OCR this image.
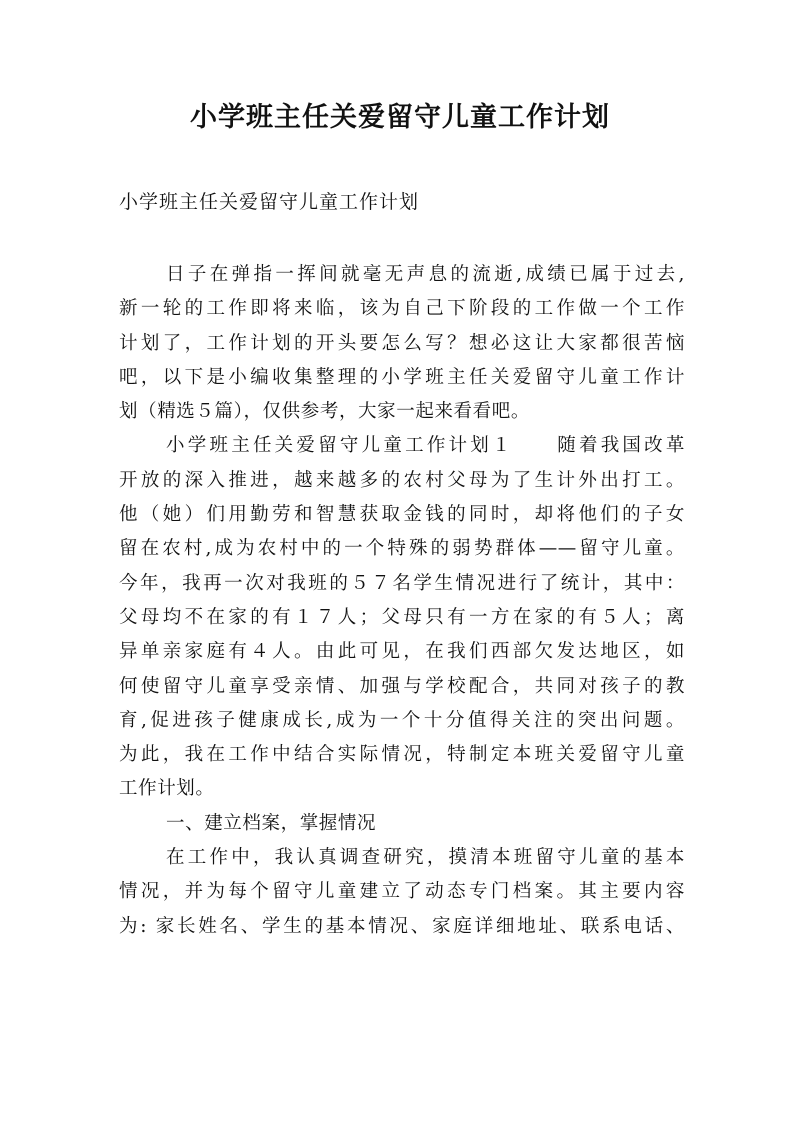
小学班主任关爱留守儿童工作计划

小学班主任关爱留守儿童工作计划

日子在弹指一挥间就毫无声息的流逝,成绩已属于过去,
新一轮的工作即将来临，该为自己下阶段的工作做一个工作
计划了，工作计划的开头要怎么写？想必这让大家都很苦恼
吧，以下是小编收集整理的小学班主任关爱留守儿童工作计
划（精选５篇），仅供参考，大家一起来看看吧。
小学班主任关爱留守儿童工作计划１　　随着我国改革
开放的深入推进，越来越多的农村父母为了生计外出打工。
他（她）们用勤劳和智慧获取金钱的同时，却将他们的子女
留在农村,成为农村中的一个特殊的弱势群体——留守儿童。
今年，我再一次对我班的５７名学生情况进行了统计，其中：
父母均不在家的有１７人；父母只有一方在家的有５人；离
异单亲家庭有４人。由此可见，在我们西部欠发达地区，如
何使留守儿童享受亲情、加强与学校配合，共同对孩子的教
育,促进孩子健康成长,成为一个十分值得关注的突出问题。
为此，我在工作中结合实际情况，特制定本班关爱留守儿童
工作计划。
一、建立档案，掌握情况
在工作中，我认真调查研究，摸清本班留守儿童的基本
情况，并为每个留守儿童建立了动态专门档案。其主要内容
为: 家长姓名、学生的基本情况、家庭详细地址、联系电话、
